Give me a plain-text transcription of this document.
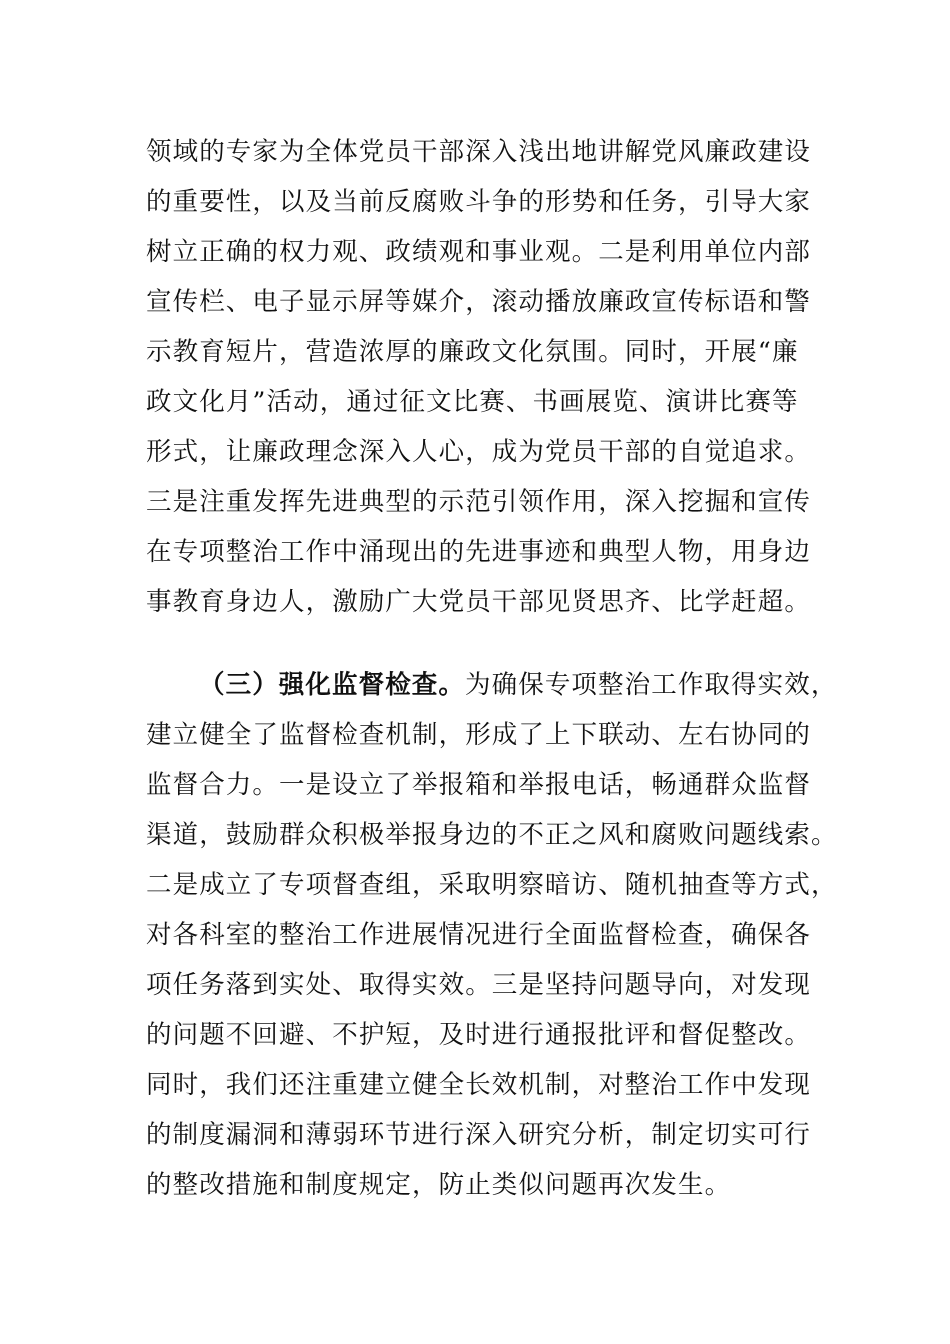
领域的专家为全体党员干部深入浅出地讲解党风廉政建设
的重要性，以及当前反腐败斗争的形势和任务，引导大家
树立正确的权力观、政绩观和事业观。二是利用单位内部
宣传栏、电子显示屏等媒介，滚动播放廉政宣传标语和警
示教育短片，营造浓厚的廉政文化氛围。同时，开展“廉
政文化月”活动，通过征文比赛、书画展览、演讲比赛等
形式，让廉政理念深入人心，成为党员干部的自觉追求。
三是注重发挥先进典型的示范引领作用，深入挖掘和宣传
在专项整治工作中涌现出的先进事迹和典型人物，用身边
事教育身边人，激励广大党员干部见贤思齐、比学赶超。
（三）强化监督检查。为确保专项整治工作取得实效，
建立健全了监督检查机制，形成了上下联动、左右协同的
监督合力。一是设立了举报箱和举报电话，畅通群众监督
渠道，鼓励群众积极举报身边的不正之风和腐败问题线索。
二是成立了专项督查组，采取明察暗访、随机抽查等方式，
对各科室的整治工作进展情况进行全面监督检查，确保各
项任务落到实处、取得实效。三是坚持问题导向，对发现
的问题不回避、不护短，及时进行通报批评和督促整改。
同时，我们还注重建立健全长效机制，对整治工作中发现
的制度漏洞和薄弱环节进行深入研究分析，制定切实可行
的整改措施和制度规定，防止类似问题再次发生。
